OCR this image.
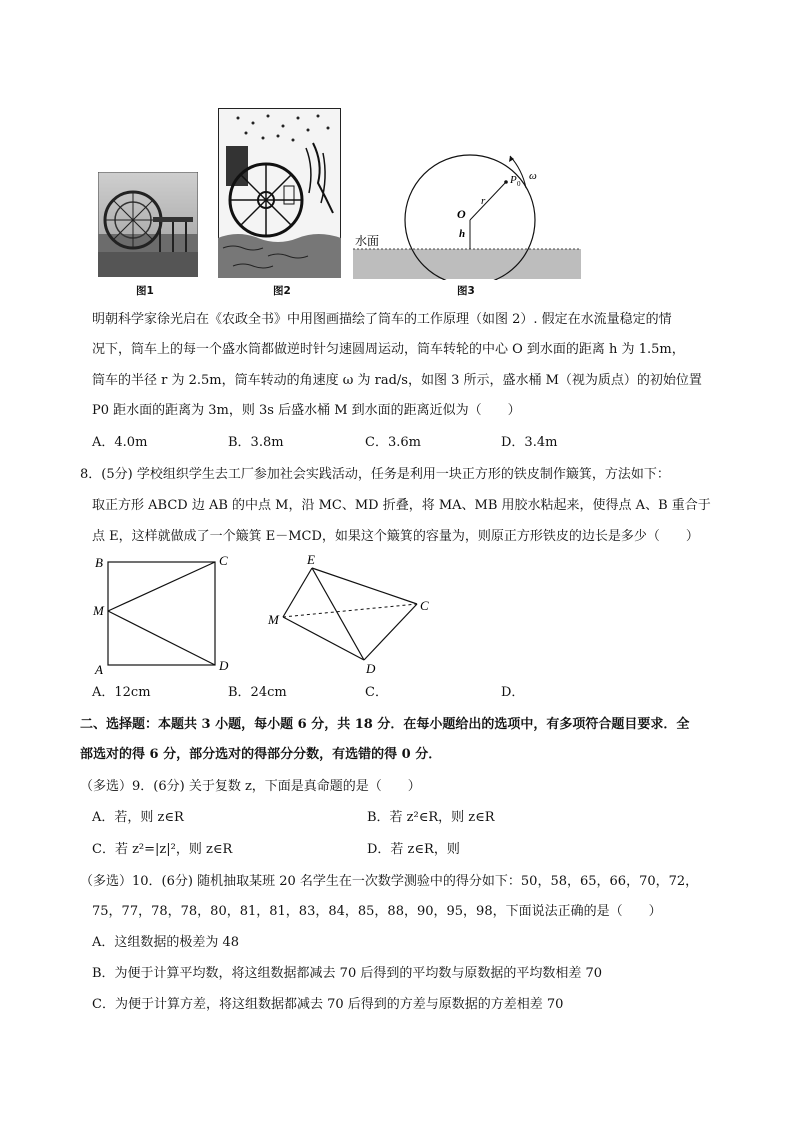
图1	图2
水面
O
r
h
P 0
ω
图3
明朝科学家徐光启在《农政全书》中用图画描绘了筒车的工作原理（如图 2）. 假定在水流量稳定的情
况下，筒车上的每一个盛水筒都做逆时针匀速圆周运动，筒车转轮的中心 O 到水面的距离 h 为 1.5m，
筒车的半径 r 为 2.5m，筒车转动的角速度 ω 为 rad/s，如图 3 所示，盛水桶 M（视为质点）的初始位置
P0 距水面的距离为 3m，则 3s 后盛水桶 M 到水面的距离近似为（　　）
A．4.0m	B．3.8m	C．3.6m	D．3.4m
8．(5分) 学校组织学生去工厂参加社会实践活动，任务是利用一块正方形的铁皮制作簸箕，方法如下：
取正方形 ABCD 边 AB 的中点 M，沿 MC、MD 折叠，将 MA、MB 用胶水粘起来，使得点 A、B 重合于
点 E，这样就做成了一个簸箕 E－MCD，如果这个簸箕的容量为，则原正方形铁皮的边长是多少（　　）
B	C
M
A	D
E
C
M
D
A．12cm	B．24cm	C．	D．
二、选择题：本题共 3 小题，每小题 6 分，共 18 分．在每小题给出的选项中，有多项符合题目要求．全
部选对的得 6 分，部分选对的得部分分数，有选错的得 0 分．
（多选）9．(6分) 关于复数 z，下面是真命题的是（　　）
A．若，则 z∈R	B．若 z²∈R，则 z∈R
C．若 z²=|z|²，则 z∈R	D．若 z∈R，则
（多选）10．(6分) 随机抽取某班 20 名学生在一次数学测验中的得分如下：50，58，65，66，70，72，
75，77，78，78，80，81，81，83，84，85，88，90，95，98，下面说法正确的是（　　）
A．这组数据的极差为 48
B．为便于计算平均数，将这组数据都减去 70 后得到的平均数与原数据的平均数相差 70
C．为便于计算方差，将这组数据都减去 70 后得到的方差与原数据的方差相差 70
